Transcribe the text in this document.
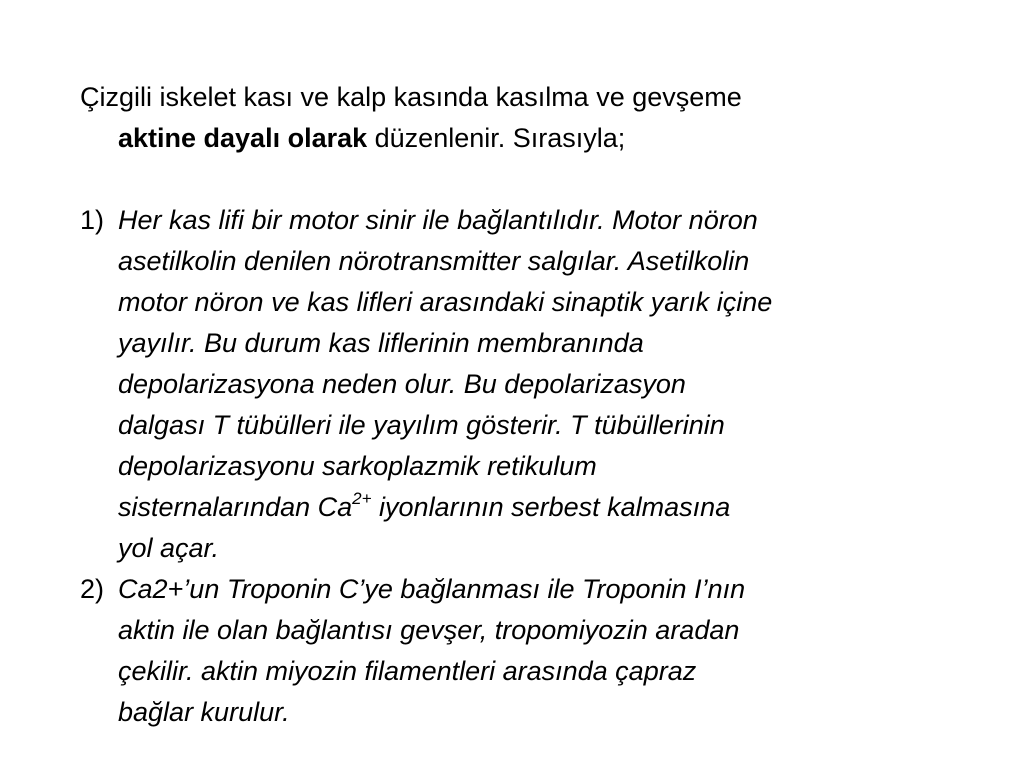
Çizgili iskelet kası ve kalp kasında kasılma ve gevşeme
aktine dayalı olarak düzenlenir. Sırasıyla;
1) Her kas lifi bir motor sinir ile bağlantılıdır. Motor nöron
asetilkolin denilen nörotransmitter salgılar. Asetilkolin
motor nöron ve kas lifleri arasındaki sinaptik yarık içine
yayılır. Bu durum kas liflerinin membranında
depolarizasyona neden olur. Bu depolarizasyon
dalgası T tübülleri ile yayılım gösterir. T tübüllerinin
depolarizasyonu sarkoplazmik retikulum
sisternalarından $Ca^{2+}$ iyonlarının serbest kalmasına
yol açar.
2) Ca2+’un Troponin C’ye bağlanması ile Troponin I’nın
aktin ile olan bağlantısı gevşer, tropomiyozin aradan
çekilir. aktin miyozin filamentleri arasında çapraz
bağlar kurulur.
